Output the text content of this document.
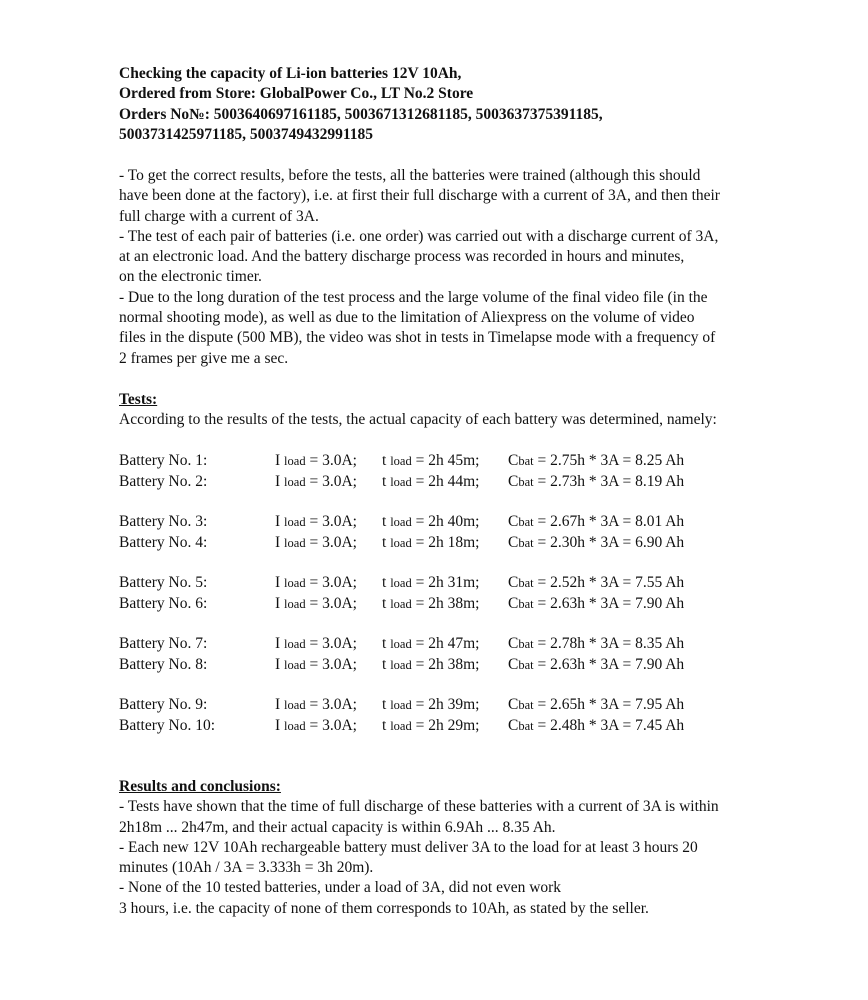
Checking the capacity of Li-ion batteries 12V 10Ah,
Ordered from Store: GlobalPower Co., LT No.2 Store
Orders No№: 5003640697161185, 5003671312681185, 5003637375391185,
5003731425971185, 5003749432991185
- To get the correct results, before the tests, all the batteries were trained (although this should
have been done at the factory), i.e. at first their full discharge with a current of 3A, and then their
full charge with a current of 3A.
- The test of each pair of batteries (i.e. one order) was carried out with a discharge current of 3A,
at an electronic load. And the battery discharge process was recorded in hours and minutes,
on the electronic timer.
- Due to the long duration of the test process and the large volume of the final video file (in the
normal shooting mode), as well as due to the limitation of Aliexpress on the volume of video
files in the dispute (500 MB), the video was shot in tests in Timelapse mode with a frequency of
2 frames per give me a sec.
Tests:
According to the results of the tests, the actual capacity of each battery was determined, namely:
Battery No. 1:	I load = 3.0A; t load = 2h 45m; Cbat = 2.75h * 3A = 8.25 Ah
Battery No. 2:	I load = 3.0A; t load = 2h 44m; Cbat = 2.73h * 3A = 8.19 Ah
Battery No. 3:	I load = 3.0A; t load = 2h 40m; Cbat = 2.67h * 3A = 8.01 Ah
Battery No. 4:	I load = 3.0A; t load = 2h 18m; Cbat = 2.30h * 3A = 6.90 Ah
Battery No. 5:	I load = 3.0A; t load = 2h 31m; Cbat = 2.52h * 3A = 7.55 Ah
Battery No. 6:	I load = 3.0A; t load = 2h 38m; Cbat = 2.63h * 3A = 7.90 Ah
Battery No. 7:	I load = 3.0A; t load = 2h 47m; Cbat = 2.78h * 3A = 8.35 Ah
Battery No. 8:	I load = 3.0A; t load = 2h 38m; Cbat = 2.63h * 3A = 7.90 Ah
Battery No. 9:	I load = 3.0A; t load = 2h 39m; Cbat = 2.65h * 3A = 7.95 Ah
Battery No. 10:	I load = 3.0A; t load = 2h 29m; Cbat = 2.48h * 3A = 7.45 Ah
Results and conclusions:
- Tests have shown that the time of full discharge of these batteries with a current of 3A is within
2h18m ... 2h47m, and their actual capacity is within 6.9Ah ... 8.35 Ah.
- Each new 12V 10Ah rechargeable battery must deliver 3A to the load for at least 3 hours 20
minutes (10Ah / 3A = 3.333h = 3h 20m).
- None of the 10 tested batteries, under a load of 3A, did not even work
3 hours, i.e. the capacity of none of them corresponds to 10Ah, as stated by the seller.
